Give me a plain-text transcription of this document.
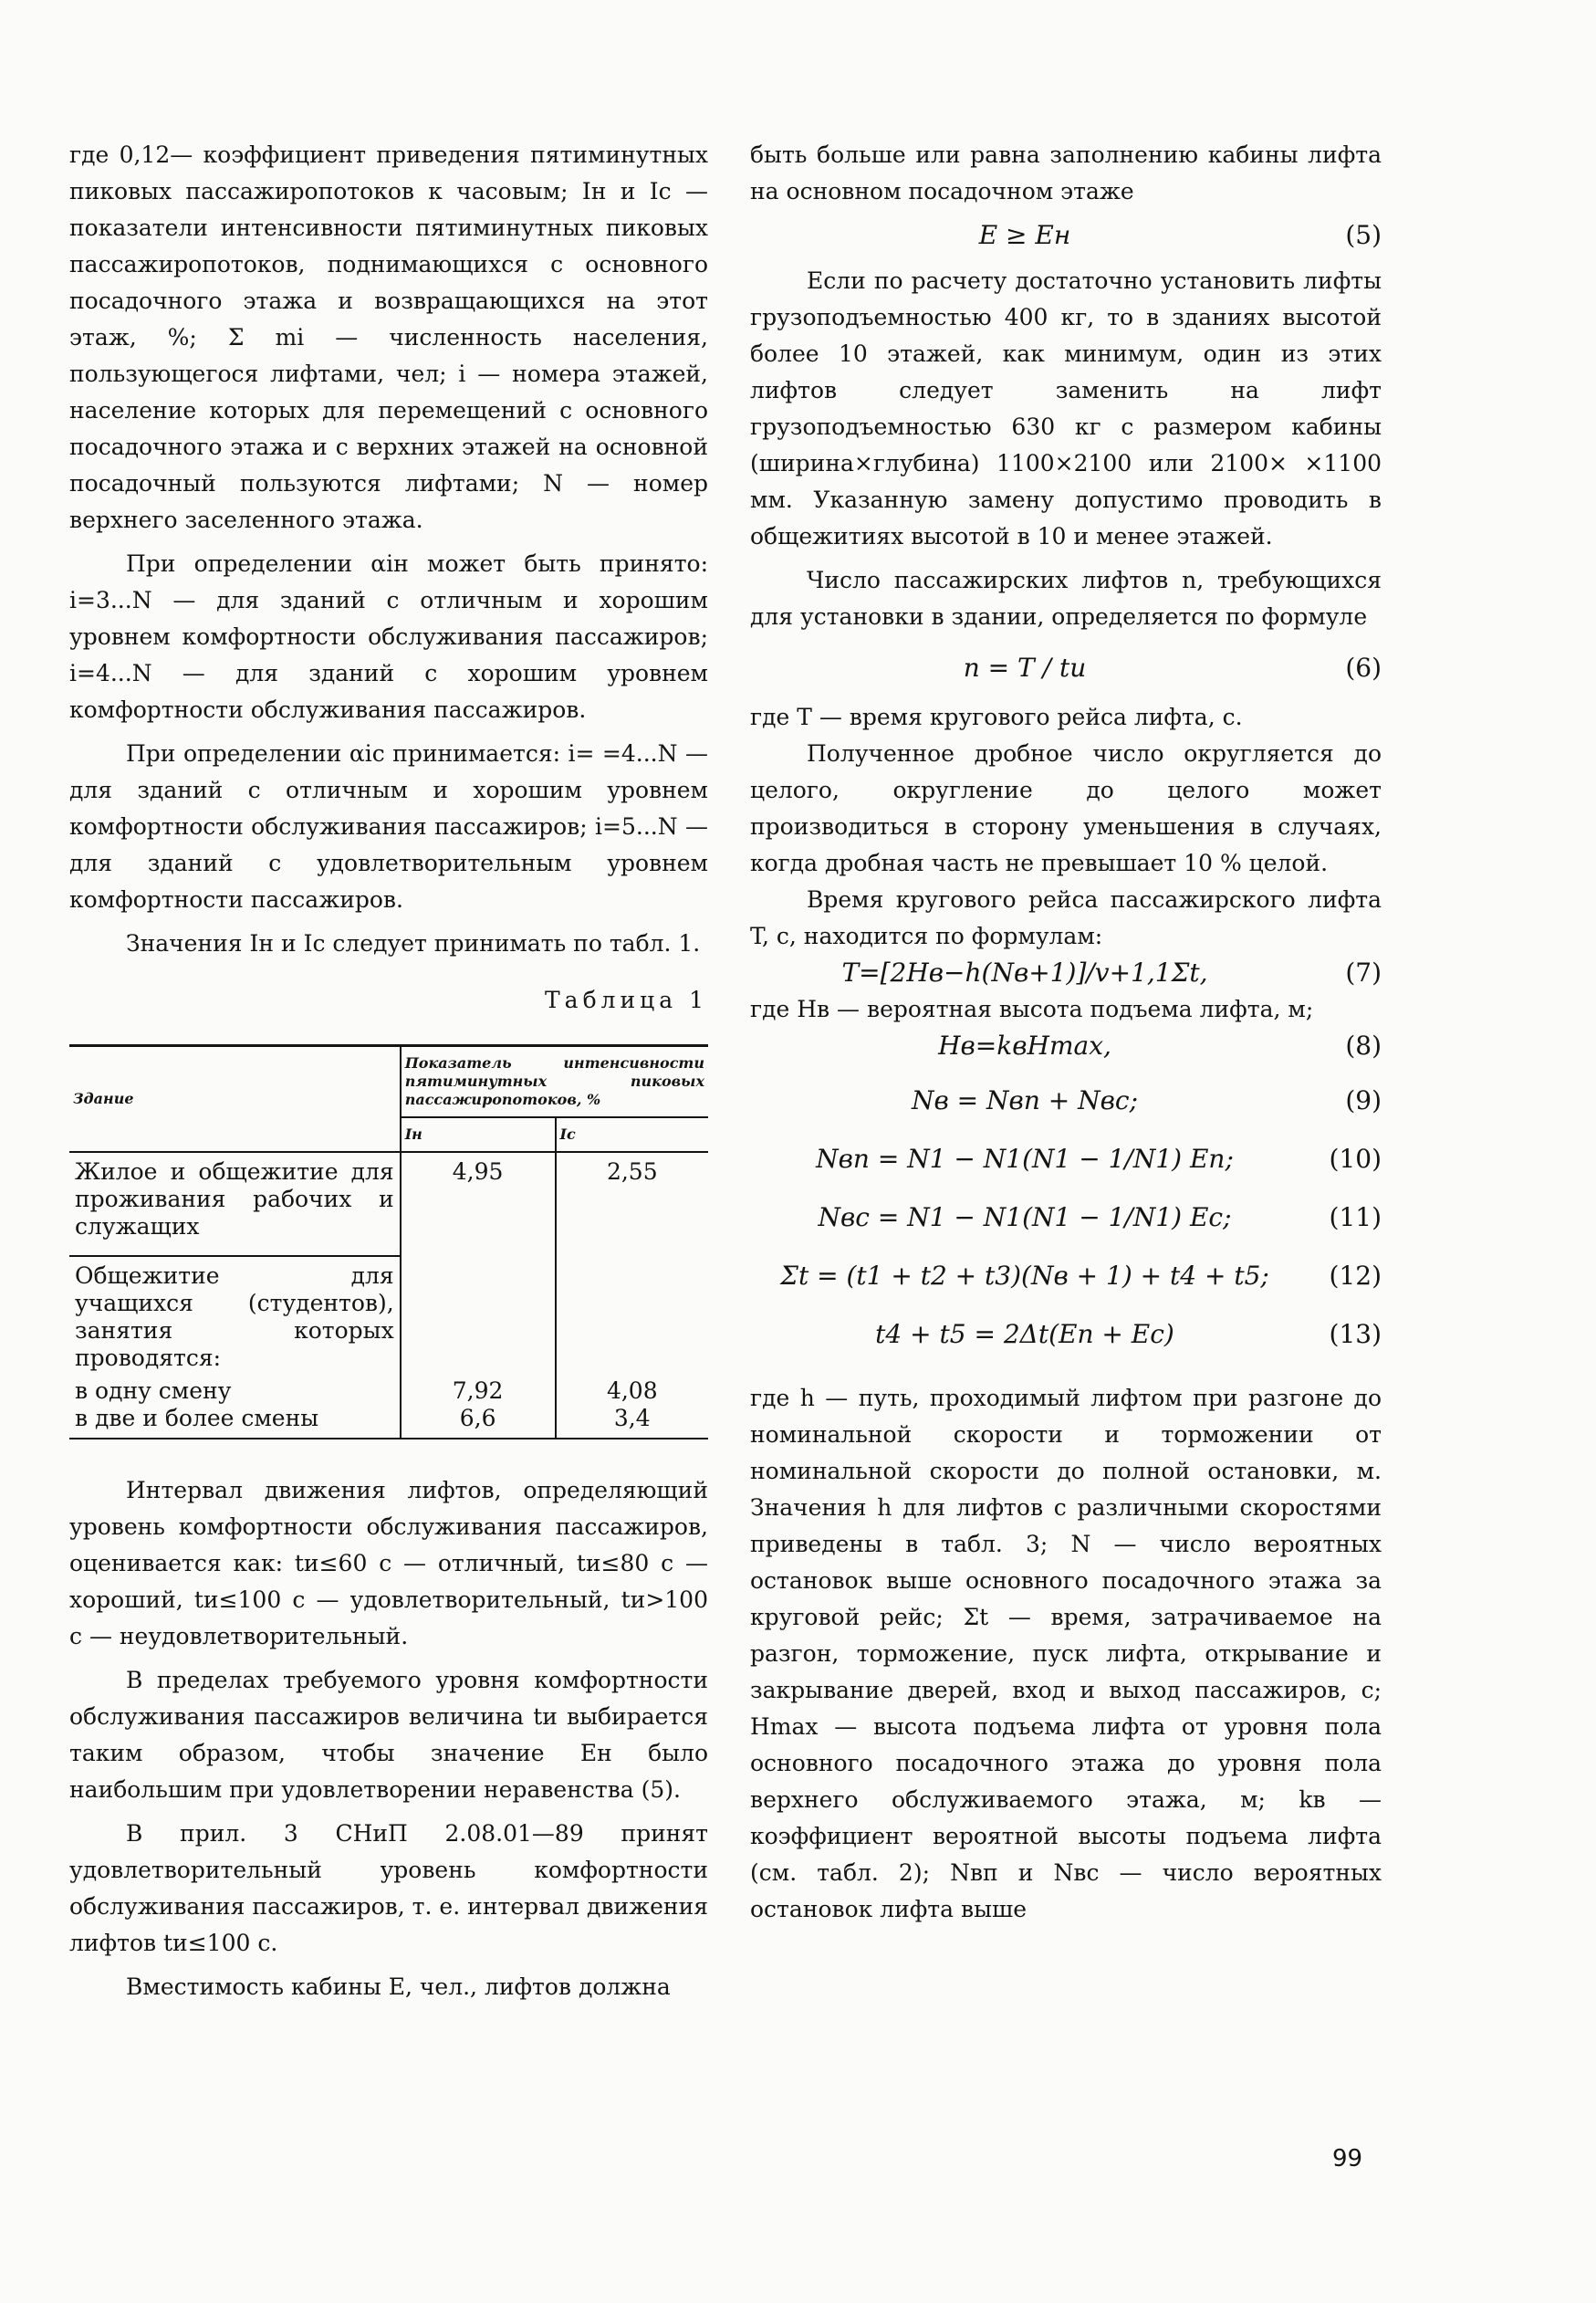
где 0,12— коэффициент приведения пятиминутных пиковых пассажиропотоков к часовым; Iн и Iс — показатели интенсивности пятиминутных пиковых пассажиропотоков, поднимающихся с основного посадочного этажа и возвращающихся на этот этаж, %; Σ mi — численность населения, пользующегося лифтами, чел; i — номера этажей, население которых для перемещений с основного посадочного этажа и с верхних этажей на основной посадочный пользуются лифтами; N — номер верхнего заселенного этажа.

При определении αiн может быть принято: i=3...N — для зданий с отличным и хорошим уровнем комфортности обслуживания пассажиров; i=4...N — для зданий с хорошим уровнем комфортности обслуживания пассажиров.

При определении αic принимается: i= =4...N — для зданий с отличным и хорошим уровнем комфортности обслуживания пассажиров; i=5...N — для зданий с удовлетворительным уровнем комфортности пассажиров.

Значения Iн и Iс следует принимать по табл. 1.

Таблица 1

Здание	Показатель интенсивности пятиминутных пиковых пассажиропотоков, %	
	Iн	Iс
Жилое и общежитие для проживания рабочих и служащих	4,95	2,55
Общежитие для учащихся (студентов), занятия которых проводятся:		
в одну смену	7,92	4,08
в две и более смены	6,6	3,4

Интервал движения лифтов, определяющий уровень комфортности обслуживания пассажиров, оценивается как: tи≤60 с — отличный, tи≤80 с — хороший, tи≤100 с — удовлетворительный, tи>100 с — неудовлетворительный.

В пределах требуемого уровня комфортности обслуживания пассажиров величина tи выбирается таким образом, чтобы значение Eн было наибольшим при удовлетворении неравенства (5).

В прил. 3 СНиП 2.08.01—89 принят удовлетворительный уровень комфортности обслуживания пассажиров, т. е. интервал движения лифтов tи≤100 с.

Вместимость кабины E, чел., лифтов должна

быть больше или равна заполнению кабины лифта на основном посадочном этаже

E ≥ Eн	(5)

Если по расчету достаточно установить лифты грузоподъемностью 400 кг, то в зданиях высотой более 10 этажей, как минимум, один из этих лифтов следует заменить на лифт грузоподъемностью 630 кг с размером кабины (ширина×глубина) 1100×2100 или 2100× ×1100 мм. Указанную замену допустимо проводить в общежитиях высотой в 10 и менее этажей.

Число пассажирских лифтов n, требующихся для установки в здании, определяется по формуле

n = T / tи	(6)

где T — время кругового рейса лифта, с.

Полученное дробное число округляется до целого, округление до целого может производиться в сторону уменьшения в случаях, когда дробная часть не превышает 10 % целой.

Время кругового рейса пассажирского лифта T, с, находится по формулам:

T=[2Hв−h(Nв+1)]/v+1,1Σt,	(7)

где Hв — вероятная высота подъема лифта, м;

Hв=kвHmax,	(8)
Nв = Nвп + Nвс;	(9)
Nвп = N1 − N1(N1 − 1/N1) Eп;	(10)
Nвс = N1 − N1(N1 − 1/N1) Eс;	(11)
Σt = (t1 + t2 + t3)(Nв + 1) + t4 + t5;	(12)
t4 + t5 = 2Δt(Eп + Eс)	(13)

где h — путь, проходимый лифтом при разгоне до номинальной скорости и торможении от номинальной скорости до полной остановки, м. Значения h для лифтов с различными скоростями приведены в табл. 3; N — число вероятных остановок выше основного посадочного этажа за круговой рейс; Σt — время, затрачиваемое на разгон, торможение, пуск лифта, открывание и закрывание дверей, вход и выход пассажиров, с; Hmax — высота подъема лифта от уровня пола основного посадочного этажа до уровня пола верхнего обслуживаемого этажа, м; kв — коэффициент вероятной высоты подъема лифта (см. табл. 2); Nвп и Nвс — число вероятных остановок лифта выше

99
